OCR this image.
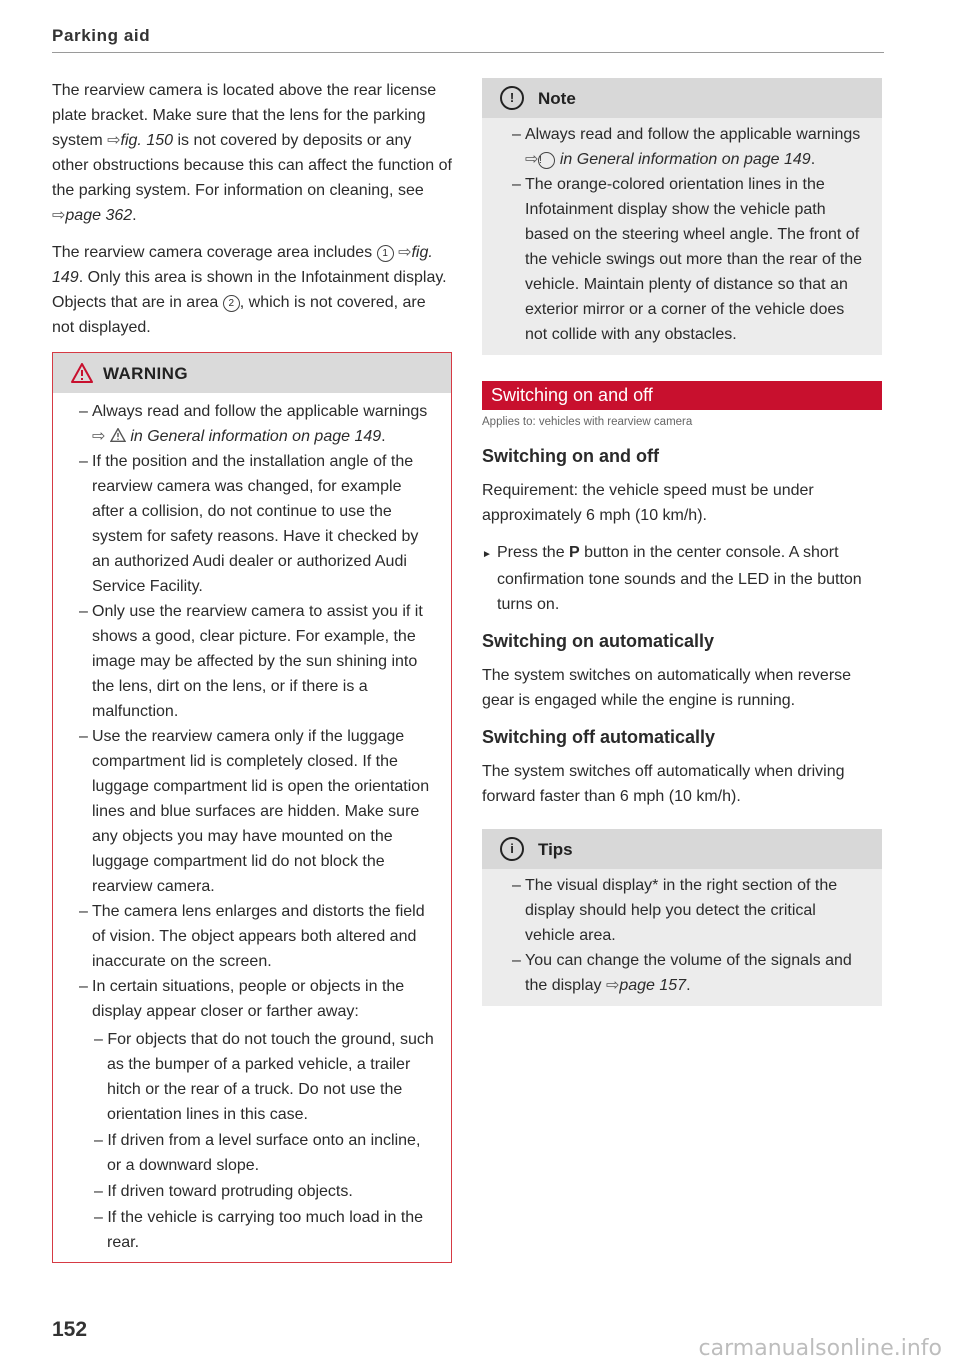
Parking aid

The rearview camera is located above the rear license plate bracket. Make sure that the lens for the parking system ⇨fig. 150 is not covered by deposits or any other obstructions because this can affect the function of the parking system. For information on cleaning, see ⇨page 362.

The rearview camera coverage area includes 1 ⇨fig. 149. Only this area is shown in the Infotainment display. Objects that are in area 2 , which is not covered, are not displayed.

WARNING
– Always read and follow the applicable warnings ⇨ in General information on page 149.
– If the position and the installation angle of the rearview camera was changed, for example after a collision, do not continue to use the system for safety reasons. Have it checked by an authorized Audi dealer or authorized Audi Service Facility.
– Only use the rearview camera to assist you if it shows a good, clear picture. For example, the image may be affected by the sun shining into the lens, dirt on the lens, or if there is a malfunction.
– Use the rearview camera only if the luggage compartment lid is completely closed. If the luggage compartment lid is open the orientation lines and blue surfaces are hidden. Make sure any objects you may have mounted on the luggage compartment lid do not block the rearview camera.
– The camera lens enlarges and distorts the field of vision. The object appears both altered and inaccurate on the screen.
– In certain situations, people or objects in the display appear closer or farther away:
– For objects that do not touch the ground, such as the bumper of a parked vehicle, a trailer hitch or the rear of a truck. Do not use the orientation lines in this case.
– If driven from a level surface onto an incline, or a downward slope.
– If driven toward protruding objects.
– If the vehicle is carrying too much load in the rear.
!	Note
– Always read and follow the applicable warnings ⇨! in General information on page 149.
– The orange-colored orientation lines in the Infotainment display show the vehicle path based on the steering wheel angle. The front of the vehicle swings out more than the rear of the vehicle. Maintain plenty of distance so that an exterior mirror or a corner of the vehicle does not collide with any obstacles.
Switching on and off
Applies to: vehicles with rearview camera
Switching on and off

Requirement: the vehicle speed must be under approximately 6 mph (10 km/h).

► Press the P button in the center console. A short confirmation tone sounds and the LED in the button turns on.

Switching on automatically

The system switches on automatically when reverse gear is engaged while the engine is running.

Switching off automatically

The system switches off automatically when driving forward faster than 6 mph (10 km/h).

i	Tips
– The visual display* in the right section of the display should help you detect the critical vehicle area.
– You can change the volume of the signals and the display ⇨page 157.
152
carmanualsonline.info
